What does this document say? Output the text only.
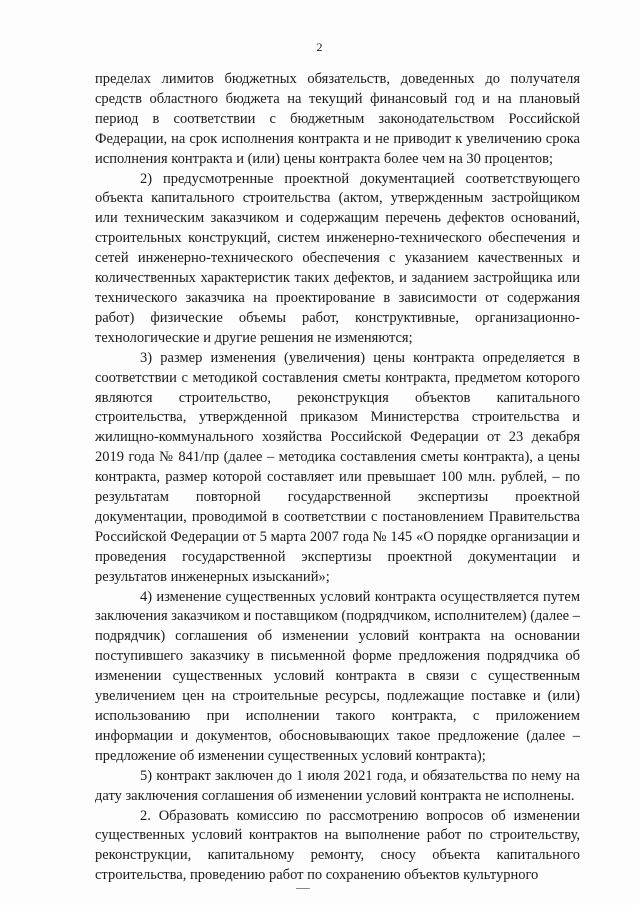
2

пределах лимитов бюджетных обязательств, доведенных до получателя средств областного бюджета на текущий финансовый год и на плановый период в соответствии с бюджетным законодательством Российской Федерации, на срок исполнения контракта и не приводит к увеличению срока исполнения контракта и (или) цены контракта более чем на 30 процентов;

2) предусмотренные проектной документацией соответствующего объекта капитального строительства (актом, утвержденным застройщиком или техническим заказчиком и содержащим перечень дефектов оснований, строительных конструкций, систем инженерно-технического обеспечения и сетей инженерно-технического обеспечения с указанием качественных и количественных характеристик таких дефектов, и заданием застройщика или технического заказчика на проектирование в зависимости от содержания работ) физические объемы работ, конструктивные, организационно-технологические и другие решения не изменяются;

3) размер изменения (увеличения) цены контракта определяется в соответствии с методикой составления сметы контракта, предметом которого являются строительство, реконструкция объектов капитального строительства, утвержденной приказом Министерства строительства и жилищно-коммунального хозяйства Российской Федерации от 23 декабря 2019 года № 841/пр (далее – методика составления сметы контракта), а цены контракта, размер которой составляет или превышает 100 млн. рублей, – по результатам повторной государственной экспертизы проектной документации, проводимой в соответствии с постановлением Правительства Российской Федерации от 5 марта 2007 года № 145 «О порядке организации и проведения государственной экспертизы проектной документации и результатов инженерных изысканий»;

4) изменение существенных условий контракта осуществляется путем заключения заказчиком и поставщиком (подрядчиком, исполнителем) (далее – подрядчик) соглашения об изменении условий контракта на основании поступившего заказчику в письменной форме предложения подрядчика об изменении существенных условий контракта в связи с существенным увеличением цен на строительные ресурсы, подлежащие поставке и (или) использованию при исполнении такого контракта, с приложением информации и документов, обосновывающих такое предложение (далее – предложение об изменении существенных условий контракта);

5) контракт заключен до 1 июля 2021 года, и обязательства по нему на дату заключения соглашения об изменении условий контракта не исполнены.

2. Образовать комиссию по рассмотрению вопросов об изменении существенных условий контрактов на выполнение работ по строительству, реконструкции, капитальному ремонту, сносу объекта капитального строительства, проведению работ по сохранению объектов культурного
